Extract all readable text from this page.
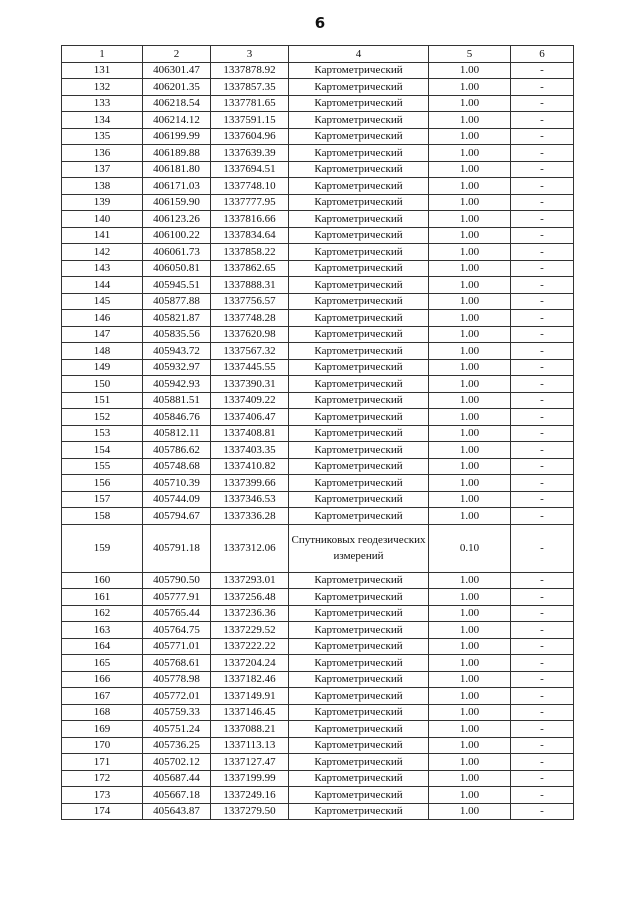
6
1	2	3	4	5	6
131	406301.47	1337878.92	Картометрический	1.00	-
132	406201.35	1337857.35	Картометрический	1.00	-
133	406218.54	1337781.65	Картометрический	1.00	-
134	406214.12	1337591.15	Картометрический	1.00	-
135	406199.99	1337604.96	Картометрический	1.00	-
136	406189.88	1337639.39	Картометрический	1.00	-
137	406181.80	1337694.51	Картометрический	1.00	-
138	406171.03	1337748.10	Картометрический	1.00	-
139	406159.90	1337777.95	Картометрический	1.00	-
140	406123.26	1337816.66	Картометрический	1.00	-
141	406100.22	1337834.64	Картометрический	1.00	-
142	406061.73	1337858.22	Картометрический	1.00	-
143	406050.81	1337862.65	Картометрический	1.00	-
144	405945.51	1337888.31	Картометрический	1.00	-
145	405877.88	1337756.57	Картометрический	1.00	-
146	405821.87	1337748.28	Картометрический	1.00	-
147	405835.56	1337620.98	Картометрический	1.00	-
148	405943.72	1337567.32	Картометрический	1.00	-
149	405932.97	1337445.55	Картометрический	1.00	-
150	405942.93	1337390.31	Картометрический	1.00	-
151	405881.51	1337409.22	Картометрический	1.00	-
152	405846.76	1337406.47	Картометрический	1.00	-
153	405812.11	1337408.81	Картометрический	1.00	-
154	405786.62	1337403.35	Картометрический	1.00	-
155	405748.68	1337410.82	Картометрический	1.00	-
156	405710.39	1337399.66	Картометрический	1.00	-
157	405744.09	1337346.53	Картометрический	1.00	-
158	405794.67	1337336.28	Картометрический	1.00	-
159	405791.18	1337312.06	Спутниковых геодезических измерений	0.10	-
160	405790.50	1337293.01	Картометрический	1.00	-
161	405777.91	1337256.48	Картометрический	1.00	-
162	405765.44	1337236.36	Картометрический	1.00	-
163	405764.75	1337229.52	Картометрический	1.00	-
164	405771.01	1337222.22	Картометрический	1.00	-
165	405768.61	1337204.24	Картометрический	1.00	-
166	405778.98	1337182.46	Картометрический	1.00	-
167	405772.01	1337149.91	Картометрический	1.00	-
168	405759.33	1337146.45	Картометрический	1.00	-
169	405751.24	1337088.21	Картометрический	1.00	-
170	405736.25	1337113.13	Картометрический	1.00	-
171	405702.12	1337127.47	Картометрический	1.00	-
172	405687.44	1337199.99	Картометрический	1.00	-
173	405667.18	1337249.16	Картометрический	1.00	-
174	405643.87	1337279.50	Картометрический	1.00	-
